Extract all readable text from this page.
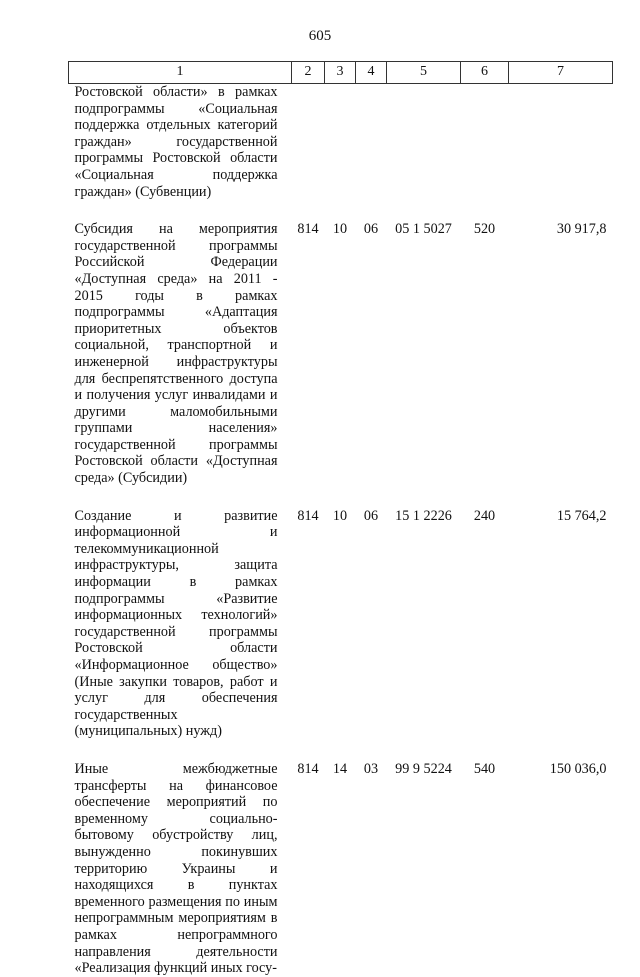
605
1	2	3	4	5	6	7

Ростовской области» в рамках подпрограммы «Социальная поддержка отдельных категорий граждан» государственной программы Ростовской области «Социальная поддержка граждан» (Субвенции)						

Субсидия на мероприятия государственной программы Российской Федерации «Доступная среда» на 2011 - 2015 годы в рамках подпрограммы «Адаптация приоритетных объектов социальной, транспортной и инженерной инфраструктуры для беспрепятственного доступа и получения услуг инвалидами и другими маломобильными группами населения» государственной программы Ростовской области «Доступная среда» (Субсидии)	814	10	06	05 1 5027	520	30 917,8

Создание и развитие информационной и телекоммуникационной инфраструктуры, защита информации в рамках подпрограммы «Развитие информационных технологий» государственной программы Ростовской области «Информационное общество» (Иные закупки товаров, работ и услуг для обеспечения государственных (муниципальных) нужд)	814	10	06	15 1 2226	240	15 764,2

Иные межбюджетные трансферты на финансовое обеспечение мероприятий по временному социально-бытовому обустройству лиц, вынужденно покинувших территорию Украины и находящихся в пунктах временного размещения по иным непрограммным мероприятиям в рамках непрограммного направления деятельности «Реализация функций иных госу-	814	14	03	99 9 5224	540	150 036,0
